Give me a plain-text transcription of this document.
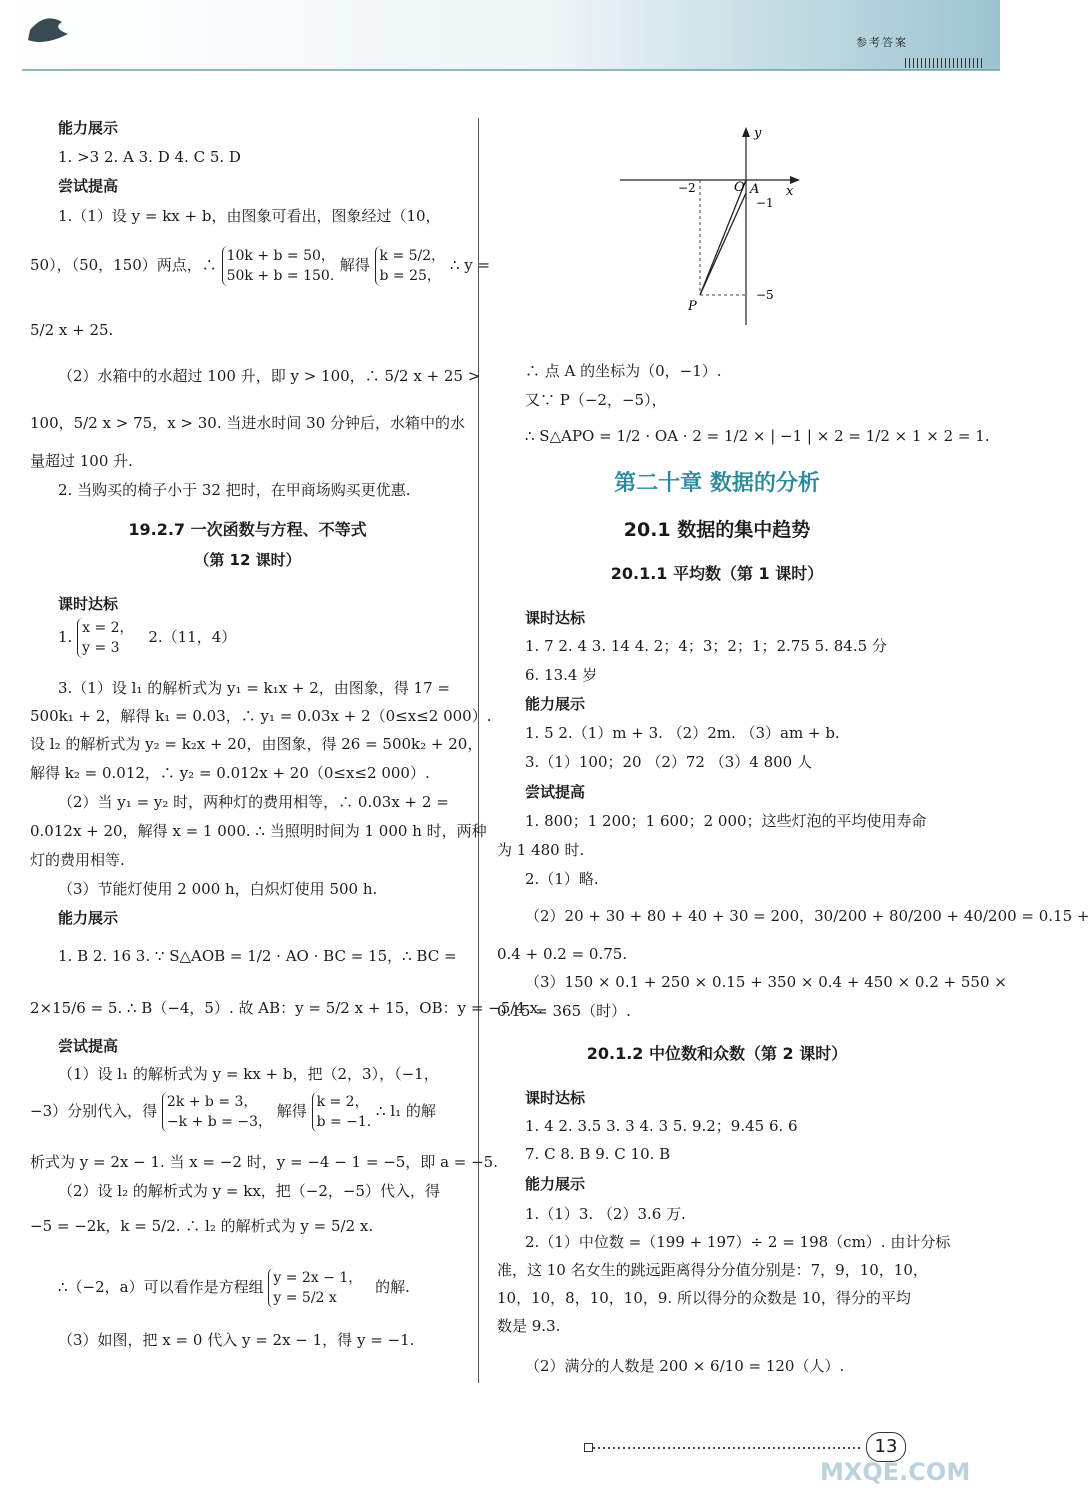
参考答案
能力展示
1. >3 2. A 3. D 4. C 5. D
尝试提高
1.（1）设 y = kx + b，由图象可看出，图象经过（10，
50），（50，150）两点，∴ 10k + b = 50，
50k + b = 150.
解得 k = 5/2，
b = 25，
∴ y =
5/2 x + 25.
（2）水箱中的水超过 100 升，即 y > 100，∴ 5/2 x + 25 >
100，5/2 x > 75，x > 30. 当进水时间 30 分钟后，水箱中的水
量超过 100 升.
2. 当购买的椅子小于 32 把时，在甲商场购买更优惠.
19.2.7 一次函数与方程、不等式
（第 12 课时）
课时达标
1. x = 2，
y = 3
2.（11，4）
3.（1）设 l₁ 的解析式为 y₁ = k₁x + 2，由图象，得 17 =
500k₁ + 2，解得 k₁ = 0.03，∴ y₁ = 0.03x + 2（0≤x≤2 000）.
设 l₂ 的解析式为 y₂ = k₂x + 20，由图象，得 26 = 500k₂ + 20，
解得 k₂ = 0.012，∴ y₂ = 0.012x + 20（0≤x≤2 000）.
（2）当 y₁ = y₂ 时，两种灯的费用相等，∴ 0.03x + 2 =
0.012x + 20，解得 x = 1 000. ∴ 当照明时间为 1 000 h 时，两种
灯的费用相等.
（3）节能灯使用 2 000 h，白炽灯使用 500 h.
能力展示
1. B 2. 16 3. ∵ S△AOB = 1/2 · AO · BC = 15，∴ BC =
2×15/6 = 5. ∴ B（−4，5）. 故 AB：y = 5/2 x + 15，OB：y = −5/4 x.
尝试提高
（1）设 l₁ 的解析式为 y = kx + b，把（2，3），（−1，
−3）分别代入，得 2k + b = 3，
−k + b = −3，
解得 k = 2，
b = −1.
∴ l₁ 的解
析式为 y = 2x − 1. 当 x = −2 时，y = −4 − 1 = −5，即 a = −5.
（2）设 l₂ 的解析式为 y = kx，把（−2，−5）代入，得
−5 = −2k，k = 5/2. ∴ l₂ 的解析式为 y = 5/2 x.
∴（−2，a）可以看作是方程组 y = 2x − 1，
y = 5/2 x
的解.
（3）如图，把 x = 0 代入 y = 2x − 1，得 y = −1.
y
x
O A
P
−2
−1
−5
∴ 点 A 的坐标为（0，−1）.
又∵ P（−2，−5），
∴ S△APO = 1/2 · OA · 2 = 1/2 × | −1 | × 2 = 1/2 × 1 × 2 = 1.
第二十章 数据的分析
20.1 数据的集中趋势
20.1.1 平均数（第 1 课时）
课时达标
1. 7 2. 4 3. 14 4. 2；4；3；2；1；2.75 5. 84.5 分
6. 13.4 岁
能力展示
1. 5 2.（1）m + 3. （2）2m. （3）am + b.
3.（1）100；20 （2）72 （3）4 800 人
尝试提高
1. 800；1 200；1 600；2 000；这些灯泡的平均使用寿命
为 1 480 时.
2.（1）略.
（2）20 + 30 + 80 + 40 + 30 = 200，30/200 + 80/200 + 40/200 = 0.15 +
0.4 + 0.2 = 0.75.
（3）150 × 0.1 + 250 × 0.15 + 350 × 0.4 + 450 × 0.2 + 550 ×
0.15 = 365（时）.
20.1.2 中位数和众数（第 2 课时）
课时达标
1. 4 2. 3.5 3. 3 4. 3 5. 9.2；9.45 6. 6
7. C 8. B 9. C 10. B
能力展示
1.（1）3. （2）3.6 万.
2.（1）中位数 =（199 + 197）÷ 2 = 198（cm）. 由计分标
准，这 10 名女生的跳远距离得分分值分别是：7，9，10，10，
10，10，8，10，10，9. 所以得分的众数是 10，得分的平均
数是 9.3.
（2）满分的人数是 200 × 6/10 = 120（人）.
13
MXQE.COM
